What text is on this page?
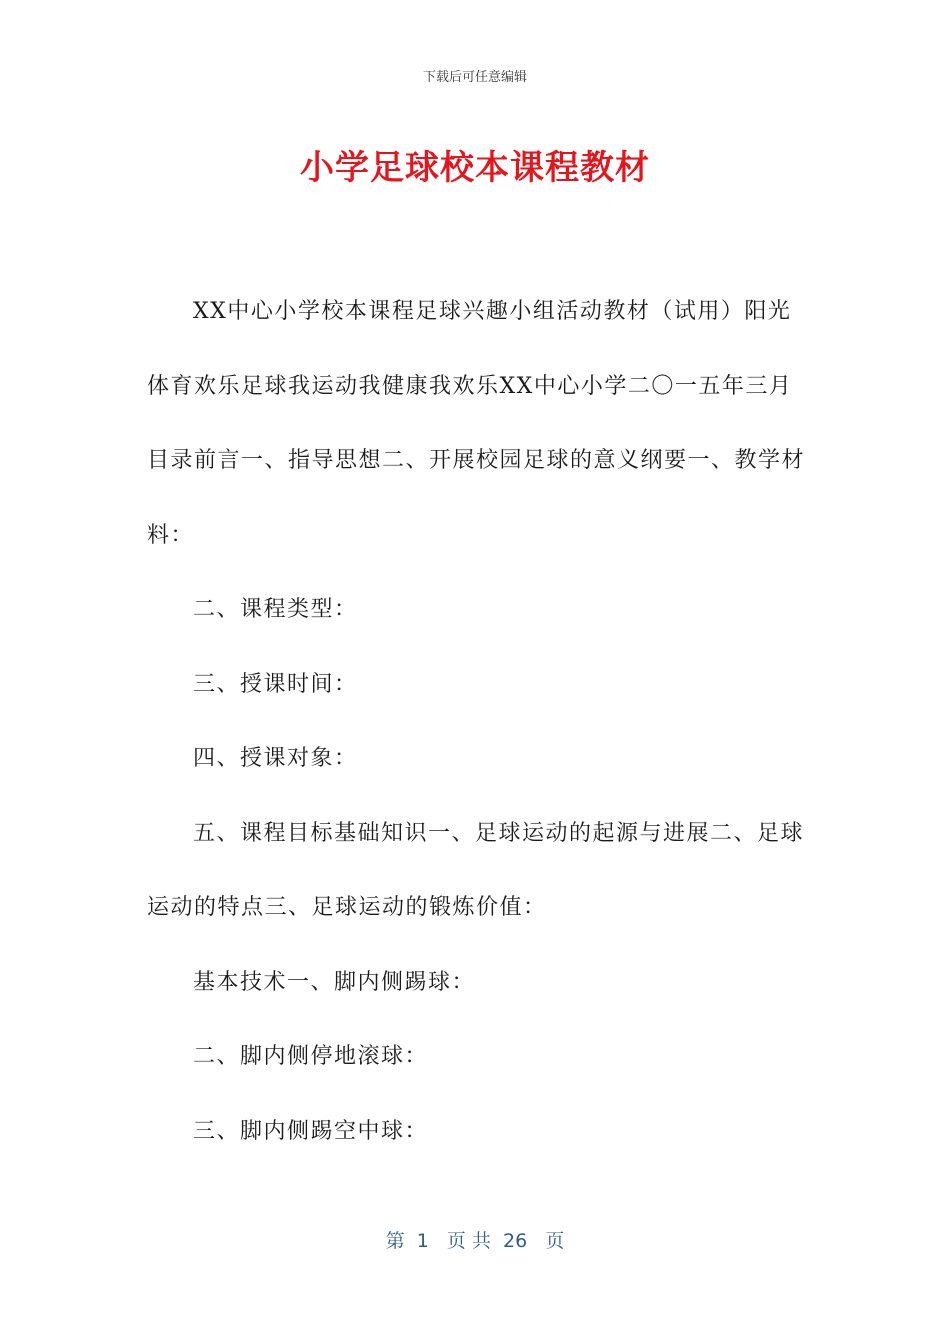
下载后可任意编辑
小学足球校本课程教材

XX中心小学校本课程足球兴趣小组活动教材（试用）阳光体育欢乐足球我运动我健康我欢乐XX中心小学二〇一五年三月目录前言一、指导思想二、开展校园足球的意义纲要一、教学材料：

二、课程类型：

三、授课时间：

四、授课对象：

五、课程目标基础知识一、足球运动的起源与进展二、足球运动的特点三、足球运动的锻炼价值：

基本技术一、脚内侧踢球：

二、脚内侧停地滚球：

三、脚内侧踢空中球：

第  1   页 共  26   页
